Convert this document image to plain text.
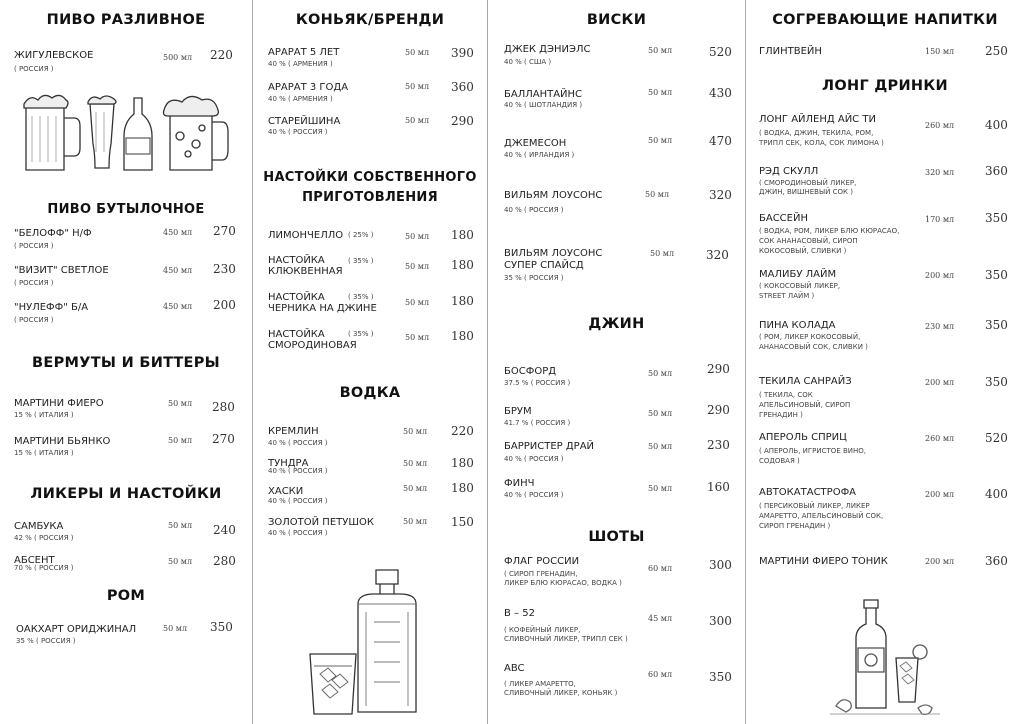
ПИВО РАЗЛИВНОЕ
ЖИГУЛЕВСКОЕ
( РОССИЯ )
500 мл 220
ПИВО БУТЫЛОЧНОЕ
"БЕЛОФФ" Н/Ф
( РОССИЯ )
450 мл 270
"ВИЗИТ" СВЕТЛОЕ
( РОССИЯ )
450 мл 230
"НУЛЕФФ" Б/А
( РОССИЯ )
450 мл 200
ВЕРМУТЫ И БИТТЕРЫ
МАРТИНИ ФИЕРО
15 % ( ИТАЛИЯ )
50 мл 280
МАРТИНИ БЬЯНКО
15 % ( ИТАЛИЯ )
50 мл 270
ЛИКЕРЫ И НАСТОЙКИ
САМБУКА
42 % ( РОССИЯ )
50 мл 240
АБСЕНТ
70 % ( РОССИЯ )
50 мл 280
РОМ
ОАКХАРТ ОРИДЖИНАЛ
35 % ( РОССИЯ )
50 мл 350
КОНЬЯК/БРЕНДИ
АРАРАТ 5 ЛЕТ
40 % ( АРМЕНИЯ )
50 мл 390
АРАРАТ 3 ГОДА
40 % ( АРМЕНИЯ )
50 мл 360
СТАРЕЙШИНА
40 % ( РОССИЯ )
50 мл 290
НАСТОЙКИ СОБСТВЕННОГО
ПРИГОТОВЛЕНИЯ
ЛИМОНЧЕЛЛО ( 25% )	50 мл 180
НАСТОЙКА
КЛЮКВЕННАЯ
( 35% )
50 мл 180
НАСТОЙКА
ЧЕРНИКА НА ДЖИНЕ
( 35% )
50 мл 180
НАСТОЙКА
СМОРОДИНОВАЯ
( 35% )	50 мл 180
ВОДКА
КРЕМЛИН
40 % ( РОССИЯ )
50 мл 220
ТУНДРА
40 % ( РОССИЯ )
50 мл 180
ХАСКИ
40 % ( РОССИЯ )
50 мл 180
ЗОЛОТОЙ ПЕТУШОК
40 % ( РОССИЯ )
50 мл 150
ВИСКИ
ДЖЕК ДЭНИЭЛС
40 % ( США )
50 мл	520
БАЛЛАНТАЙНС
40 % ( ШОТЛАНДИЯ )
50 мл	430
ДЖЕМЕСОН
40 % ( ИРЛАНДИЯ )
50 мл	470
ВИЛЬЯМ ЛОУСОНС
40 % ( РОССИЯ )
50 мл	320
ВИЛЬЯМ ЛОУСОНС
СУПЕР СПАЙСД
35 % ( РОССИЯ )
50 мл	320
ДЖИН
БОСФОРД
37.5 % ( РОССИЯ )
50 мл	290
БРУМ
41.7 % ( РОССИЯ )
50 мл	290
БАРРИСТЕР ДРАЙ
40 % ( РОССИЯ )
50 мл	230
ФИНЧ
40 % ( РОССИЯ )
50 мл	160
ШОТЫ
ФЛАГ РОССИИ
( СИРОП ГРЕНАДИН,
ЛИКЕР БЛЮ КЮРАСАО, ВОДКА )
60 мл	300
B – 52
( КОФЕЙНЫЙ ЛИКЕР,
СЛИВОЧНЫЙ ЛИКЕР, ТРИПЛ СЕК )
45 мл	300
ABC
( ЛИКЕР АМАРЕТТО,
СЛИВОЧНЫЙ ЛИКЕР, КОНЬЯК )
60 мл	350
СОГРЕВАЮЩИЕ НАПИТКИ
ГЛИНТВЕЙН	150 мл	250
ЛОНГ ДРИНКИ
ЛОНГ АЙЛЕНД АЙС ТИ
( ВОДКА, ДЖИН, ТЕКИЛА, РОМ,
ТРИПЛ СЕК, КОЛА, СОК ЛИМОНА )
260 мл	400
РЭД СКУЛЛ
( СМОРОДИНОВЫЙ ЛИКЕР,
ДЖИН, ВИШНЕВЫЙ СОК )
320 мл	360
БАССЕЙН
( ВОДКА, РОМ, ЛИКЕР БЛЮ КЮРАСАО,
СОК АНАНАСОВЫЙ, СИРОП
КОКОСОВЫЙ, СЛИВКИ )
170 мл	350
МАЛИБУ ЛАЙМ
( КОКОСОВЫЙ ЛИКЕР,
STREET ЛАЙМ )
200 мл	350
ПИНА КОЛАДА
( РОМ, ЛИКЕР КОКОСОВЫЙ,
АНАНАСОВЫЙ СОК, СЛИВКИ )
230 мл	350
ТЕКИЛА САНРАЙЗ
( ТЕКИЛА, СОК
АПЕЛЬСИНОВЫЙ, СИРОП
ГРЕНАДИН )
200 мл	350
АПЕРОЛЬ СПРИЦ
( АПЕРОЛЬ, ИГРИСТОЕ ВИНО,
СОДОВАЯ )
260 мл	520
АВТОКАТАСТРОФА
( ПЕРСИКОВЫЙ ЛИКЕР, ЛИКЕР
АМАРЕТТО, АПЕЛЬСИНОВЫЙ СОК,
СИРОП ГРЕНАДИН )
200 мл	400
МАРТИНИ ФИЕРО ТОНИК	200 мл	360
